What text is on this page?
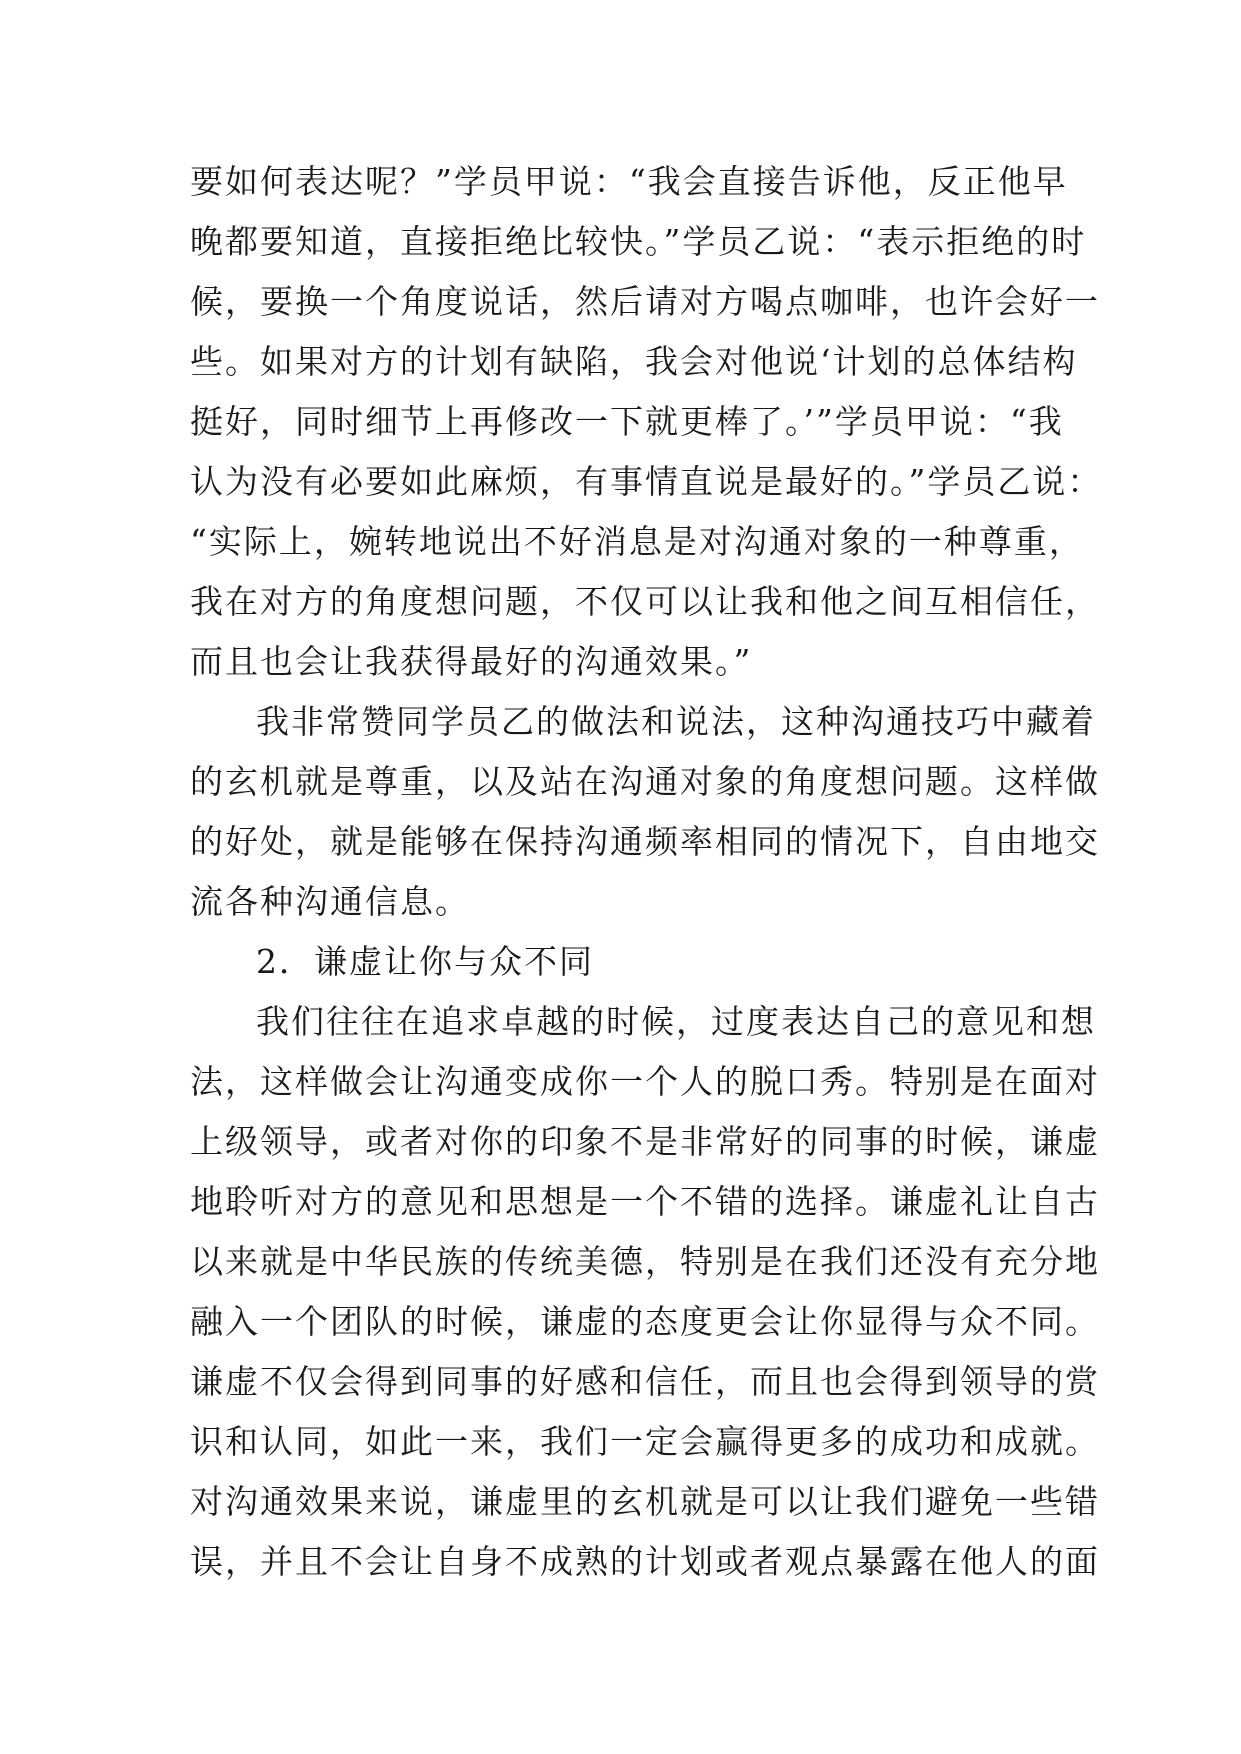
要如何表达呢？”学员甲说：“我会直接告诉他，反正他早
晚都要知道，直接拒绝比较快。”学员乙说：“表示拒绝的时
候，要换一个角度说话，然后请对方喝点咖啡，也许会好一
些。如果对方的计划有缺陷，我会对他说‘计划的总体结构
挺好，同时细节上再修改一下就更棒了。’”学员甲说：“我
认为没有必要如此麻烦，有事情直说是最好的。”学员乙说：
“实际上，婉转地说出不好消息是对沟通对象的一种尊重，
我在对方的角度想问题，不仅可以让我和他之间互相信任，
而且也会让我获得最好的沟通效果。”
我非常赞同学员乙的做法和说法，这种沟通技巧中藏着
的玄机就是尊重，以及站在沟通对象的角度想问题。这样做
的好处，就是能够在保持沟通频率相同的情况下，自由地交
流各种沟通信息。
2．谦虚让你与众不同
我们往往在追求卓越的时候，过度表达自己的意见和想
法，这样做会让沟通变成你一个人的脱口秀。特别是在面对
上级领导，或者对你的印象不是非常好的同事的时候，谦虚
地聆听对方的意见和思想是一个不错的选择。谦虚礼让自古
以来就是中华民族的传统美德，特别是在我们还没有充分地
融入一个团队的时候，谦虚的态度更会让你显得与众不同。
谦虚不仅会得到同事的好感和信任，而且也会得到领导的赏
识和认同，如此一来，我们一定会赢得更多的成功和成就。
对沟通效果来说，谦虚里的玄机就是可以让我们避免一些错
误，并且不会让自身不成熟的计划或者观点暴露在他人的面
